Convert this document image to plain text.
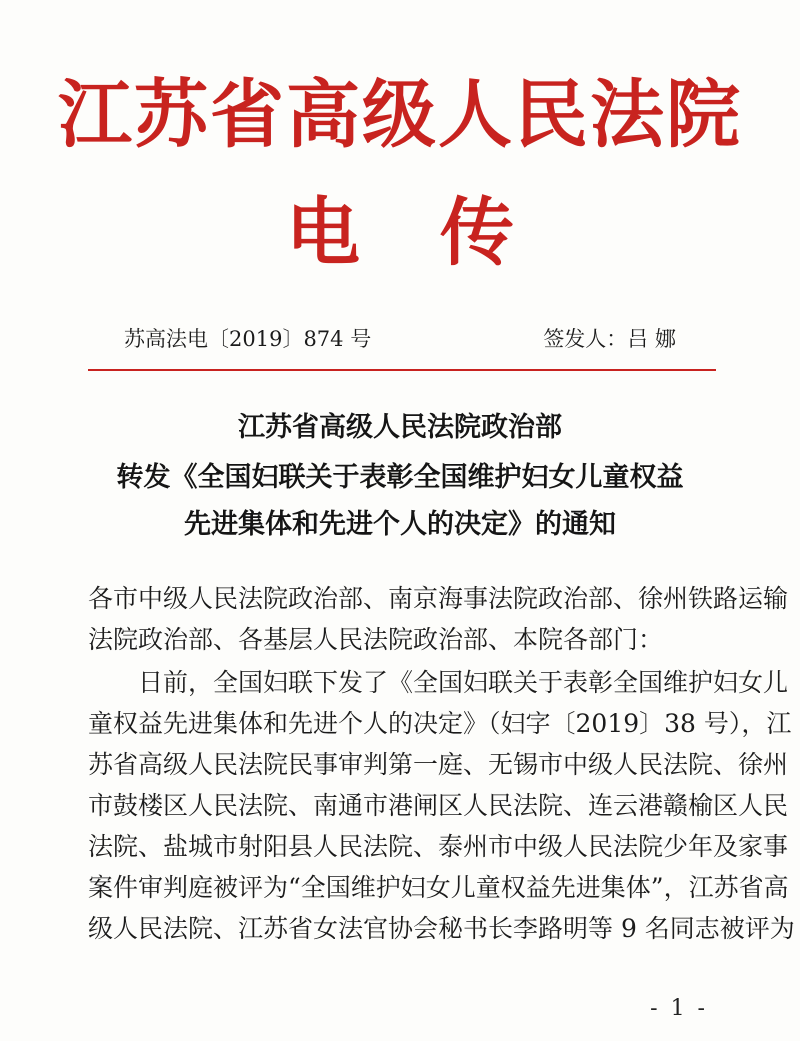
江苏省高级人民法院
电 传
苏高法电〔2019〕874 号	签发人：吕 娜
江苏省高级人民法院政治部
转发《全国妇联关于表彰全国维护妇女儿童权益
先进集体和先进个人的决定》的通知
各市中级人民法院政治部、南京海事法院政治部、徐州铁路运输
法院政治部、各基层人民法院政治部、本院各部门：
日前，全国妇联下发了《全国妇联关于表彰全国维护妇女儿
童权益先进集体和先进个人的决定》（妇字〔2019〕38 号），江
苏省高级人民法院民事审判第一庭、无锡市中级人民法院、徐州
市鼓楼区人民法院、南通市港闸区人民法院、连云港赣榆区人民
法院、盐城市射阳县人民法院、泰州市中级人民法院少年及家事
案件审判庭被评为“全国维护妇女儿童权益先进集体”，江苏省高
级人民法院、江苏省女法官协会秘书长李路明等 9 名同志被评为
- 1 -
